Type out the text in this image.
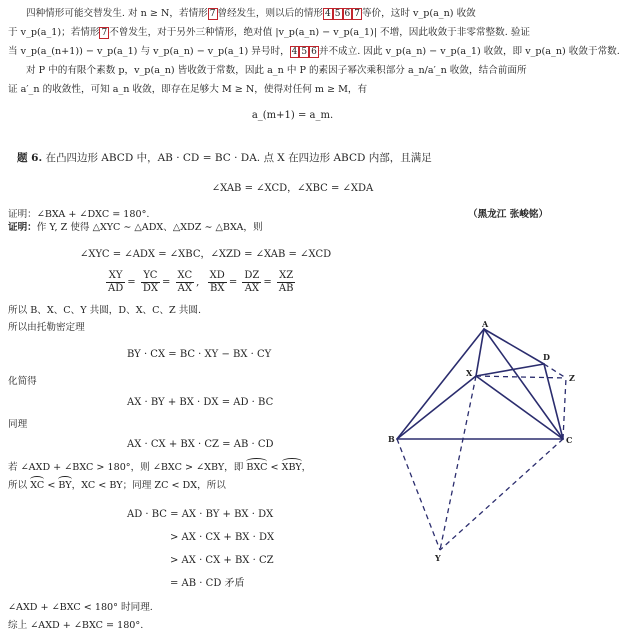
四种情形可能交替发生. 对 n ≥ N，若情形 7 曾经发生，则以后的情形 4 5 6 7 等价，这时 v_p(a_n) 收敛
于 v_p(a_1)；若情形 7 不曾发生，对于另外三种情形，绝对值 |v_p(a_n) − v_p(a_1)| 不增，因此收敛于非零常整数. 验证
当 v_p(a_(n+1)) − v_p(a_1) 与 v_p(a_n) − v_p(a_1) 异号时， 4 5 6 并不成立. 因此 v_p(a_n) − v_p(a_1) 收敛，即 v_p(a_n) 收敛于常数.
对 P 中的有限个素数 p，v_p(a_n) 皆收敛于常数，因此 a_n 中 P 的素因子幂次乘积部分 a_n/a′_n 收敛，结合前面所
证 a′_n 的收敛性，可知 a_n 收敛，即存在足够大 M ≥ N，使得对任何 m ≥ M，有
a_(m+1) = a_m.
题 6. 在凸四边形 ABCD 中，AB · CD = BC · DA. 点 X 在四边形 ABCD 内部，且满足
∠XAB = ∠XCD，∠XBC = ∠XDA
证明：∠BXA + ∠DXC = 180°.	（黑龙江 张峻铭）
证明：作 Y, Z 使得 △XYC ∼ △ADX、△XDZ ∼ △BXA，则
∠XYC = ∠ADX = ∠XBC，∠XZD = ∠XAB = ∠XCD
$\frac{XY}{AD} = \frac{YC}{DX} = \frac{XC}{AX}$ , $\frac{XD}{BX} = \frac{DZ}{AX} = \frac{XZ}{AB}$
所以 B、X、C、Y 共圆，D、X、C、Z 共圆.
所以由托勒密定理
BY · CX = BC · XY − BX · CY
化简得
AX · BY + BX · DX = AD · BC
同理
AX · CX + BX · CZ = AB · CD
若 ∠AXD + ∠BXC > 180°，则 ∠BXC > ∠XBY，即 BXC < XBY，
所以 XC < BY，XC < BY；同理 ZC < DX，所以
AD · BC = AX · BY + BX · DX
> AX · CX + BX · DX
> AX · CX + BX · CZ
= AB · CD 矛盾
∠AXD + ∠BXC < 180° 时同理.
综上 ∠AXD + ∠BXC = 180°.
A
B	C
D
X
Y
Z
